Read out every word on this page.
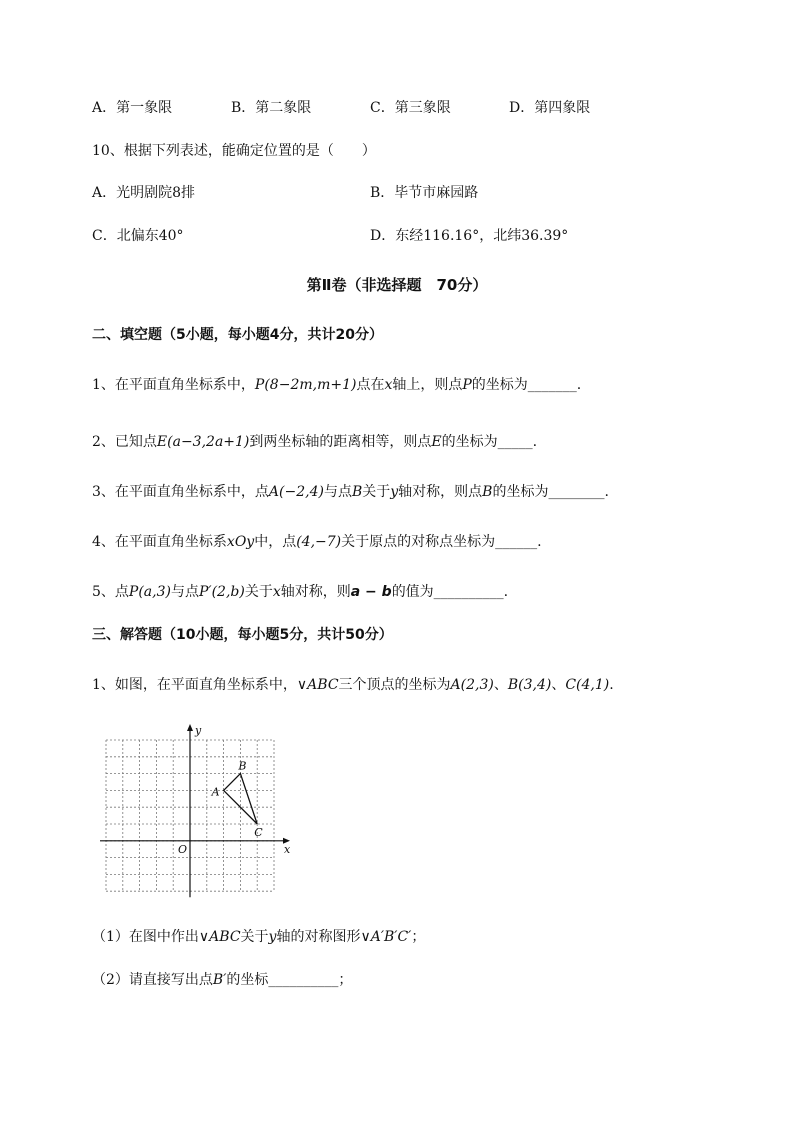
A．第一象限	B．第二象限	C．第三象限	D．第四象限
10、根据下列表述，能确定位置的是（　　）
A．光明剧院8排	B．毕节市麻园路
C．北偏东40°	D．东经116.16°，北纬36.39°
第Ⅱ卷（非选择题　70分）
二、填空题（5小题，每小题4分，共计20分）
1、在平面直角坐标系中，P(8−2m,m+1)点在x轴上，则点P的坐标为_______.
2、已知点E(a−3,2a+1)到两坐标轴的距离相等，则点E的坐标为_____.
3、在平面直角坐标系中，点A(−2,4)与点B关于y轴对称，则点B的坐标为________.
4、在平面直角坐标系xOy中，点(4,−7)关于原点的对称点坐标为______.
5、点P(a,3)与点P′(2,b)关于x轴对称，则a − b的值为__________.
三、解答题（10小题，每小题5分，共计50分）
1、如图，在平面直角坐标系中，∨ABC三个顶点的坐标为A(2,3)、B(3,4)、C(4,1).
A
B
C
x
y
O
（1）在图中作出∨ABC关于y轴的对称图形∨A′B′C′；
（2）请直接写出点B′的坐标__________；
